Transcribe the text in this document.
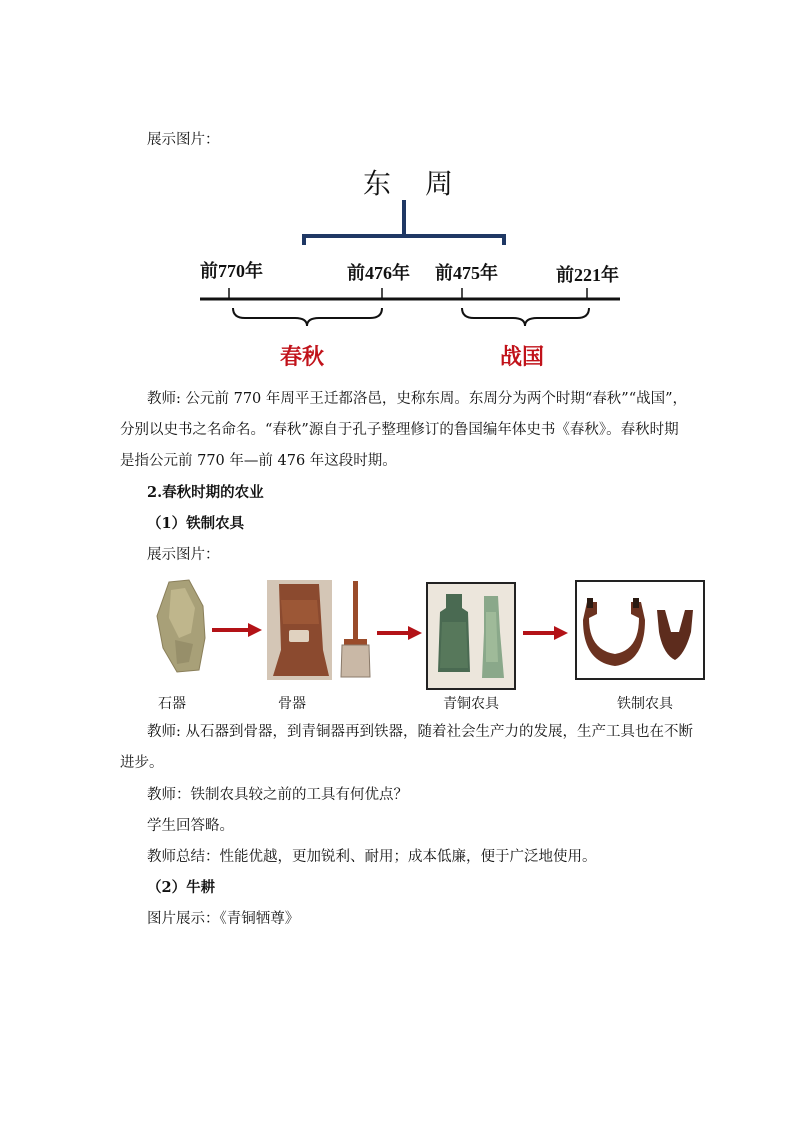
展示图片：
东周
前770年	前476年 前475年	前221年
春秋	战国
教师: 公元前 770 年周平王迁都洛邑，史称东周。东周分为两个时期“春秋”“战国”，
分别以史书之名命名。“春秋”源自于孔子整理修订的鲁国编年体史书《春秋》。春秋时期
是指公元前 770 年—前 476 年这段时期。
2.春秋时期的农业
（1）铁制农具
展示图片：
石器	骨器	青铜农具	铁制农具
教师: 从石器到骨器，到青铜器再到铁器，随着社会生产力的发展，生产工具也在不断
进步。
教师：铁制农具较之前的工具有何优点？
学生回答略。
教师总结：性能优越，更加锐利、耐用；成本低廉，便于广泛地使用。
（2）牛耕
图片展示：《青铜牺尊》
